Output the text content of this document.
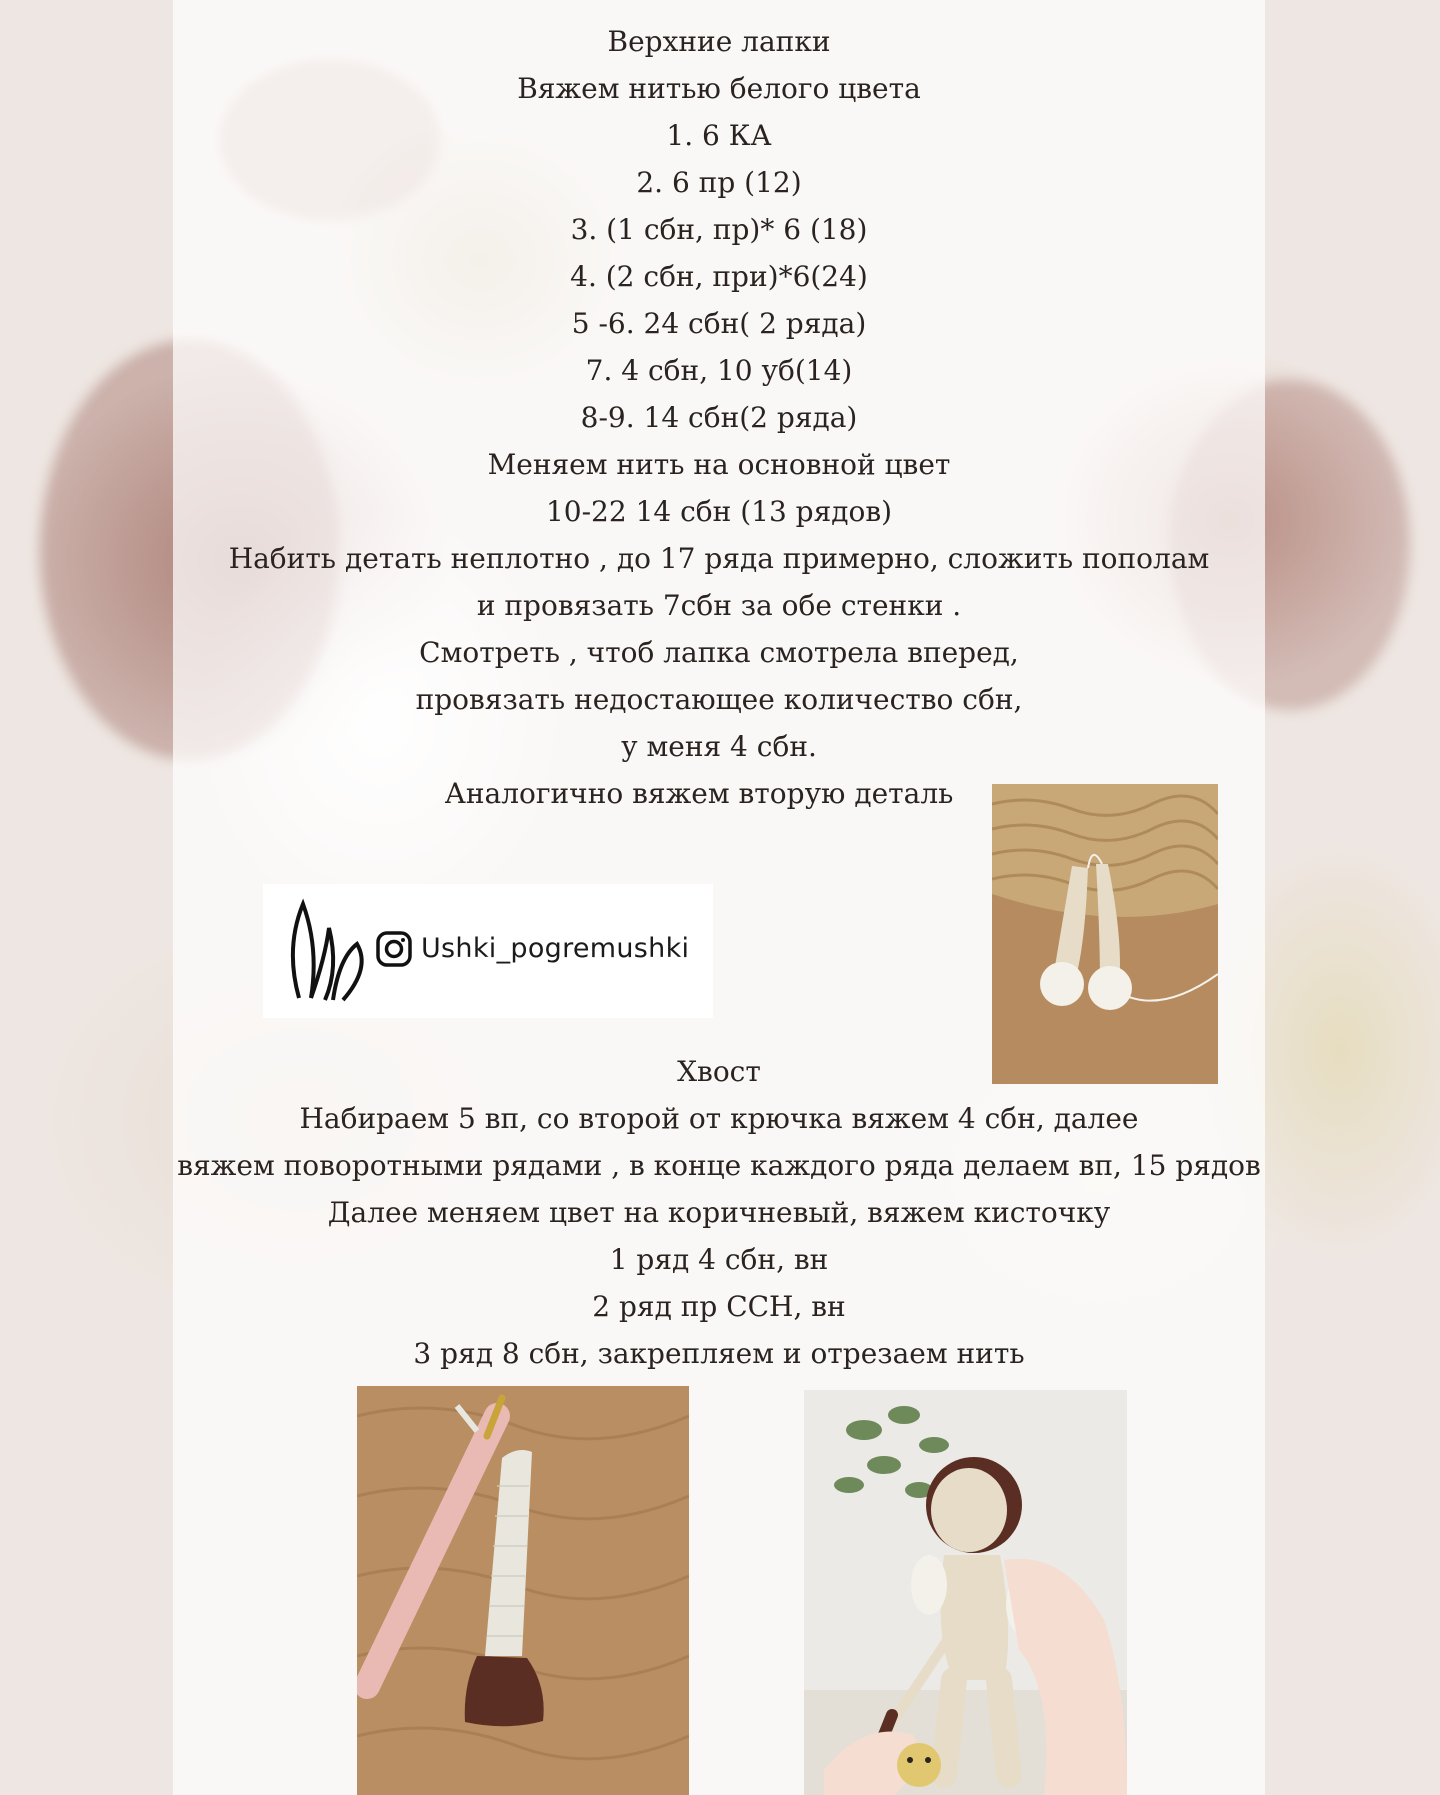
Верхние лапки
Вяжем нитью белого цвета
1. 6 КА
2. 6 пр (12)
3. (1 сбн, пр)* 6 (18)
4. (2 сбн, при)*6(24)
5 -6. 24 сбн( 2 ряда)
7. 4 сбн, 10 уб(14)
8-9. 14 сбн(2 ряда)
Меняем нить на основной цвет
10-22 14 сбн (13 рядов)
Набить детать неплотно , до 17 ряда примерно, сложить пополам
и провязать 7сбн за обе стенки .
Смотреть , чтоб лапка смотрела вперед,
провязать недостающее количество сбн,
у меня 4 сбн.
Аналогично вяжем вторую деталь
Ushki_pogremushki
Хвост
Набираем 5 вп, со второй от крючка вяжем 4 сбн, далее
вяжем поворотными рядами , в конце каждого ряда делаем вп, 15 рядов
Далее меняем цвет на коричневый, вяжем кисточку
1 ряд 4 сбн, вн
2 ряд пр ССН, вн
3 ряд 8 сбн, закрепляем и отрезаем нить
